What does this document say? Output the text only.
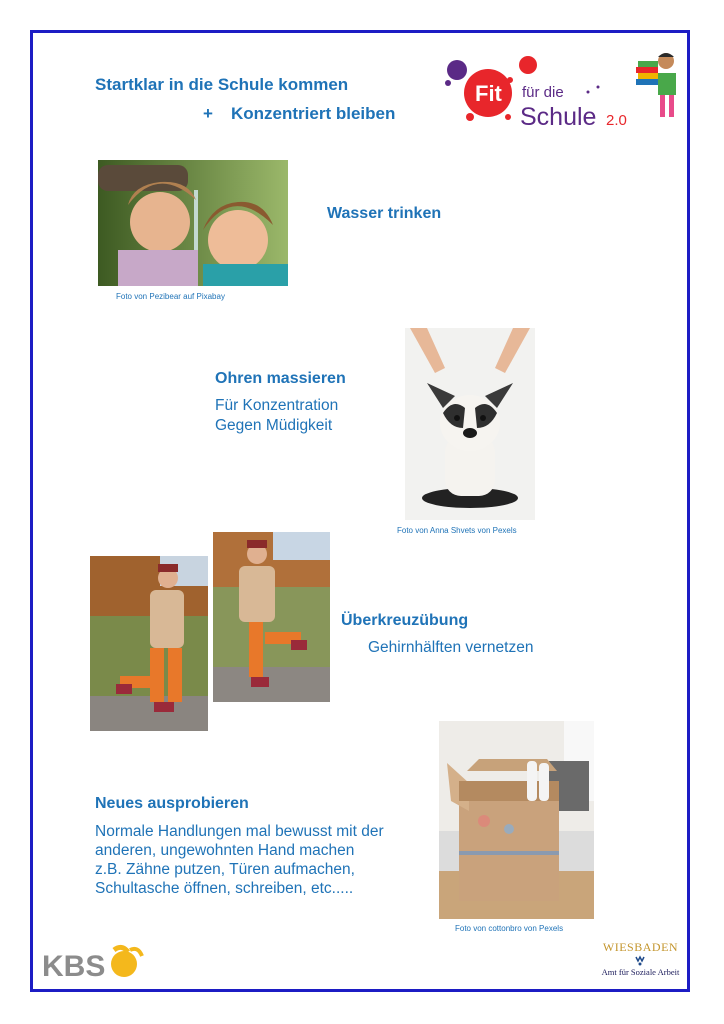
Startklar in die Schule kommen
+ Konzentriert bleiben
Fit für die
Schule 2.0
Foto von Pezibear auf Pixabay
Wasser trinken
Ohren massieren
Für Konzentration
Gegen Müdigkeit
Foto von Anna Shvets von Pexels
Überkreuzübung
Gehirnhälften vernetzen
Neues ausprobieren
Normale Handlungen mal bewusst mit der
anderen, ungewohnten Hand machen
z.B. Zähne putzen, Türen aufmachen,
Schultasche öffnen, schreiben, etc.....
Foto von cottonbro von Pexels
KBS
WIESBADEN
Amt für Soziale Arbeit
